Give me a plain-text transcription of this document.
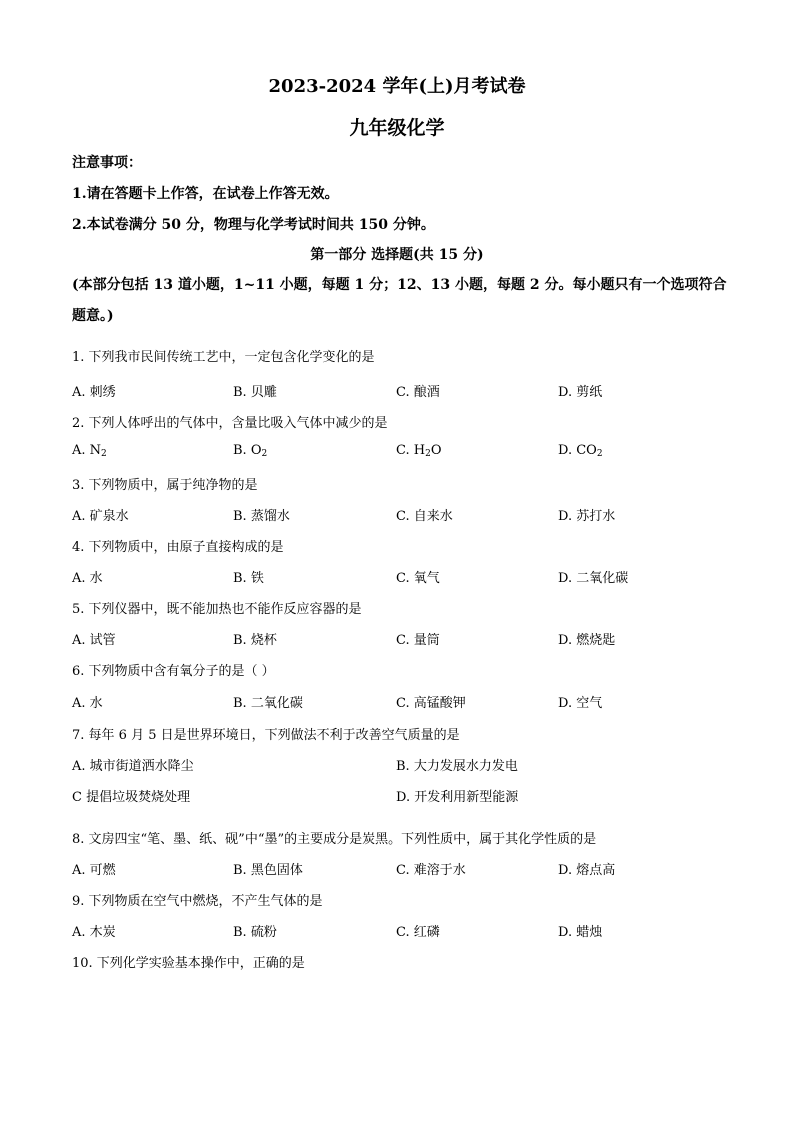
2023-2024 学年(上)月考试卷
九年级化学
注意事项：
1.请在答题卡上作答，在试卷上作答无效。
2.本试卷满分 50 分，物理与化学考试时间共 150 分钟。
第一部分 选择题(共 15 分)
(本部分包括 13 道小题，1~11 小题，每题 1 分；12、13 小题，每题 2 分。每小题只有一个选项符合题意。)
1. 下列我市民间传统工艺中，一定包含化学变化的是
A. 刺绣	B. 贝雕	C. 酿酒	D. 剪纸
2. 下列人体呼出的气体中，含量比吸入气体中减少的是
A. $N_2$	B. $O_2$	C. $H_2O$	D. $CO_2$
3. 下列物质中，属于纯净物的是
A. 矿泉水	B. 蒸馏水	C. 自来水	D. 苏打水
4. 下列物质中，由原子直接构成的是
A. 水	B. 铁	C. 氧气	D. 二氧化碳
5. 下列仪器中，既不能加热也不能作反应容器的是
A. 试管	B. 烧杯	C. 量筒	D. 燃烧匙
6. 下列物质中含有氧分子的是（ ）
A. 水	B. 二氧化碳	C. 高锰酸钾	D. 空气
7. 每年 6 月 5 日是世界环境日，下列做法不利于改善空气质量的是
A. 城市街道洒水降尘	B. 大力发展水力发电
C 提倡垃圾焚烧处理	D. 开发利用新型能源
8. 文房四宝“笔、墨、纸、砚”中“墨”的主要成分是炭黑。下列性质中，属于其化学性质的是
A. 可燃	B. 黑色固体	C. 难溶于水	D. 熔点高
9. 下列物质在空气中燃烧，不产生气体的是
A. 木炭	B. 硫粉	C. 红磷	D. 蜡烛
10. 下列化学实验基本操作中，正确的是
